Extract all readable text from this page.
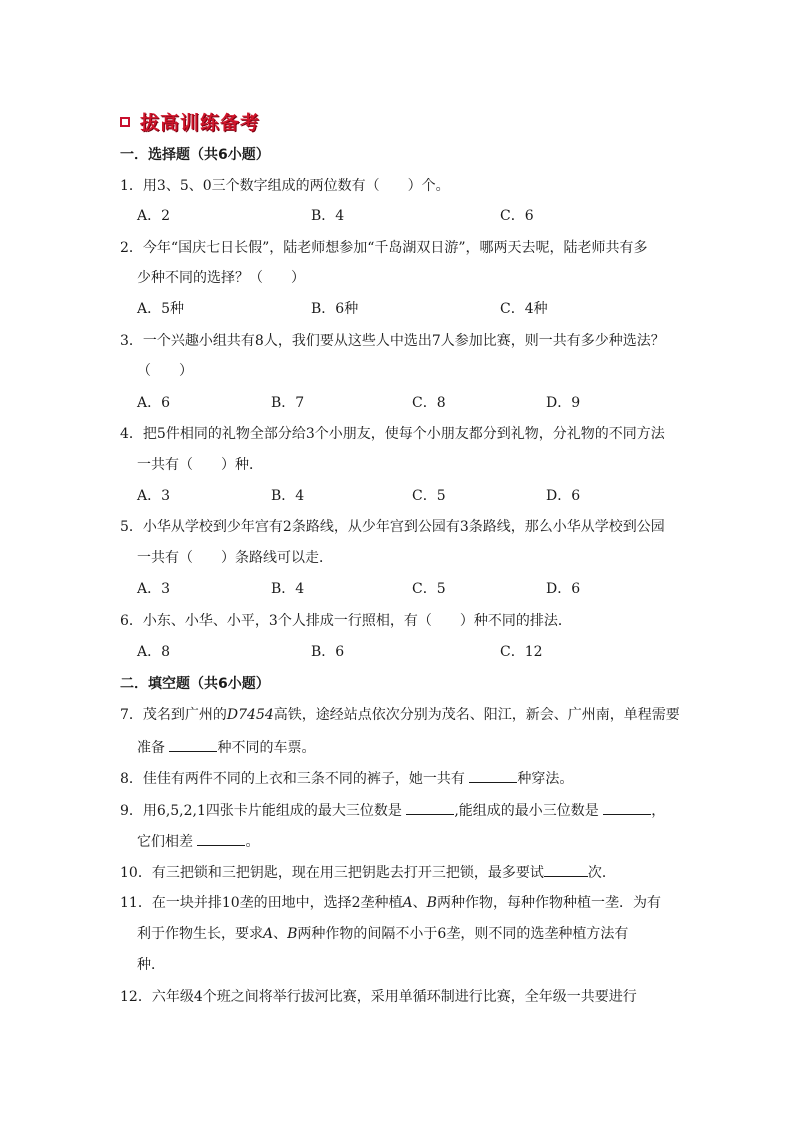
拔高训练备考
一．选择题（共6小题）
1．用3、5、0三个数字组成的两位数有（　　）个。
A．2	B．4	C．6
2．今年“国庆七日长假”，陆老师想参加“千岛湖双日游”，哪两天去呢，陆老师共有多
少种不同的选择？（　　）
A．5种	B．6种	C．4种
3．一个兴趣小组共有8人，我们要从这些人中选出7人参加比赛，则一共有多少种选法？
（　　）
A．6	B．7	C．8	D．9
4．把5件相同的礼物全部分给3个小朋友，使每个小朋友都分到礼物，分礼物的不同方法
一共有（　　）种．
A．3	B．4	C．5	D．6
5．小华从学校到少年宫有2条路线，从少年宫到公园有3条路线，那么小华从学校到公园
一共有（　　）条路线可以走．
A．3	B．4	C．5	D．6
6．小东、小华、小平，3个人排成一行照相，有（　　）种不同的排法．
A．8	B．6	C．12
二．填空题（共6小题）
7．茂名到广州的D7454高铁，途经站点依次分别为茂名、阳江，新会、广州南，单程需要
准备	种不同的车票。
8．佳佳有两件不同的上衣和三条不同的裤子，她一共有	种穿法。
9．用6,5,2,1四张卡片能组成的最大三位数是	,能组成的最小三位数是	，
它们相差	。
10．有三把锁和三把钥匙，现在用三把钥匙去打开三把锁，最多要试	次．
11．在一块并排10垄的田地中，选择2垄种植A、B两种作物，每种作物种植一垄．为有
利于作物生长，要求A、B两种作物的间隔不小于6垄，则不同的选垄种植方法有
种．
12．六年级4个班之间将举行拔河比赛，采用单循环制进行比赛，全年级一共要进行
